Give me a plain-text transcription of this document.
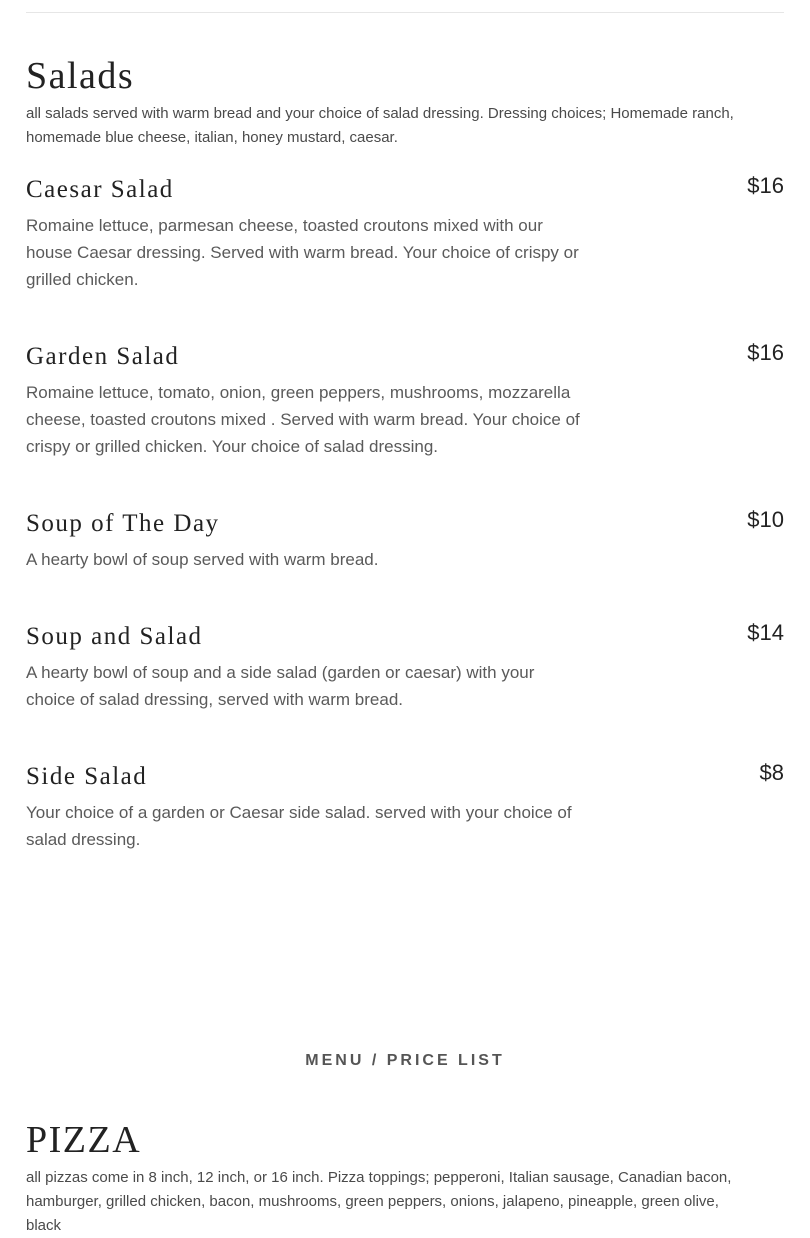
Salads

all salads served with warm bread and your choice of salad dressing. Dressing choices; Homemade ranch, homemade blue cheese, italian, honey mustard, caesar.

Caesar Salad	$16

Romaine lettuce, parmesan cheese, toasted croutons mixed with our house Caesar dressing. Served with warm bread. Your choice of crispy or grilled chicken.

Garden Salad	$16

Romaine lettuce, tomato, onion, green peppers, mushrooms, mozzarella cheese, toasted croutons mixed . Served with warm bread. Your choice of crispy or grilled chicken. Your choice of salad dressing.

Soup of The Day	$10

A hearty bowl of soup served with warm bread.

Soup and Salad	$14

A hearty bowl of soup and a side salad (garden or caesar) with your choice of salad dressing, served with warm bread.

Side Salad	$8

Your choice of a garden or Caesar side salad. served with your choice of salad dressing.

MENU / PRICE LIST
PIZZA

all pizzas come in 8 inch, 12 inch, or 16 inch. Pizza toppings; pepperoni, Italian sausage, Canadian bacon, hamburger, grilled chicken, bacon, mushrooms, green peppers, onions, jalapeno, pineapple, green olive, black
